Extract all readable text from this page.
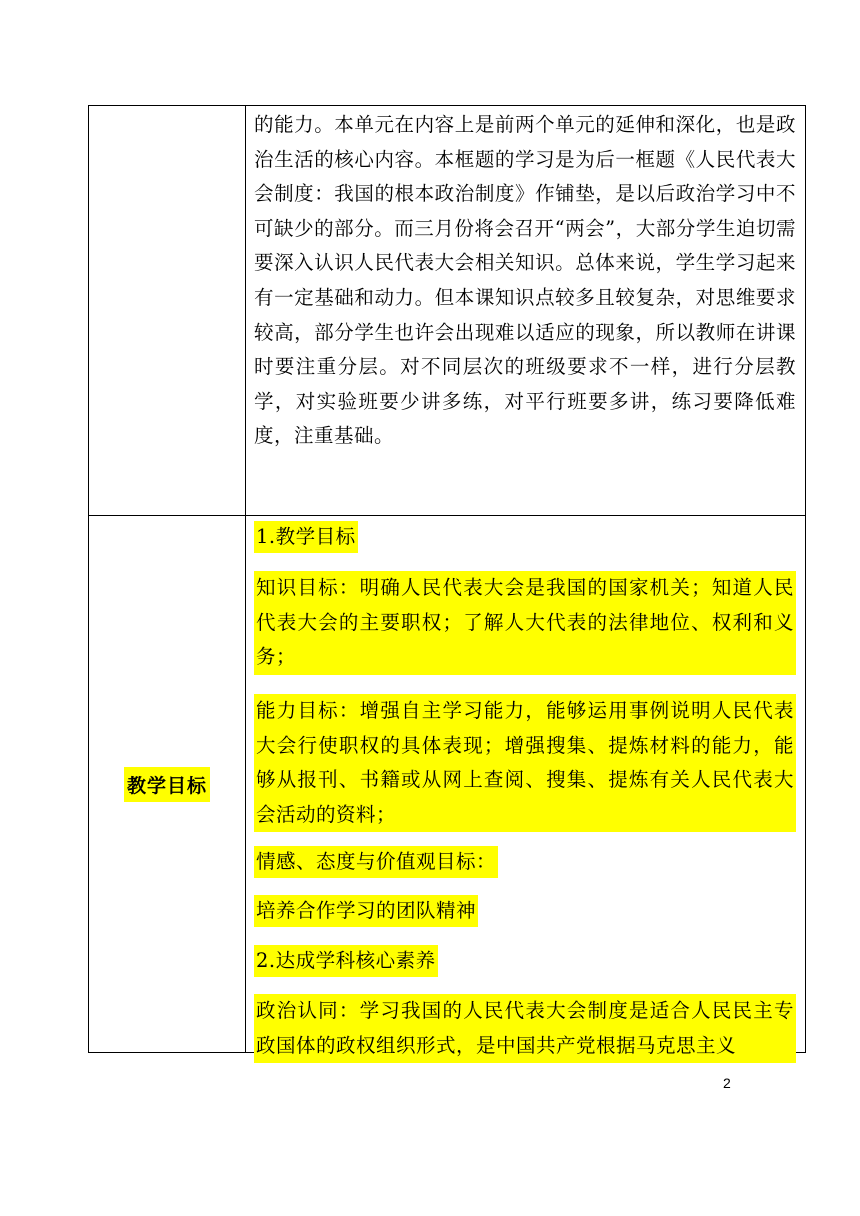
的能力。本单元在内容上是前两个单元的延伸和深化，也是政治生活的核心内容。本框题的学习是为后一框题《人民代表大会制度：我国的根本政治制度》作铺垫，是以后政治学习中不可缺少的部分。而三月份将会召开“两会”，大部分学生迫切需要深入认识人民代表大会相关知识。总体来说，学生学习起来有一定基础和动力。但本课知识点较多且较复杂，对思维要求较高，部分学生也许会出现难以适应的现象，所以教师在讲课时要注重分层。对不同层次的班级要求不一样，进行分层教学，对实验班要少讲多练，对平行班要多讲，练习要降低难度，注重基础。
教学目标
1.教学目标
知识目标：明确人民代表大会是我国的国家机关；知道人民代表大会的主要职权；了解人大代表的法律地位、权利和义务；
能力目标：增强自主学习能力，能够运用事例说明人民代表大会行使职权的具体表现；增强搜集、提炼材料的能力，能够从报刊、书籍或从网上查阅、搜集、提炼有关人民代表大会活动的资料；
情感、态度与价值观目标：
培养合作学习的团队精神
2.达成学科核心素养
政治认同：学习我国的人民代表大会制度是适合人民民主专政国体的政权组织形式，是中国共产党根据马克思主义
2
